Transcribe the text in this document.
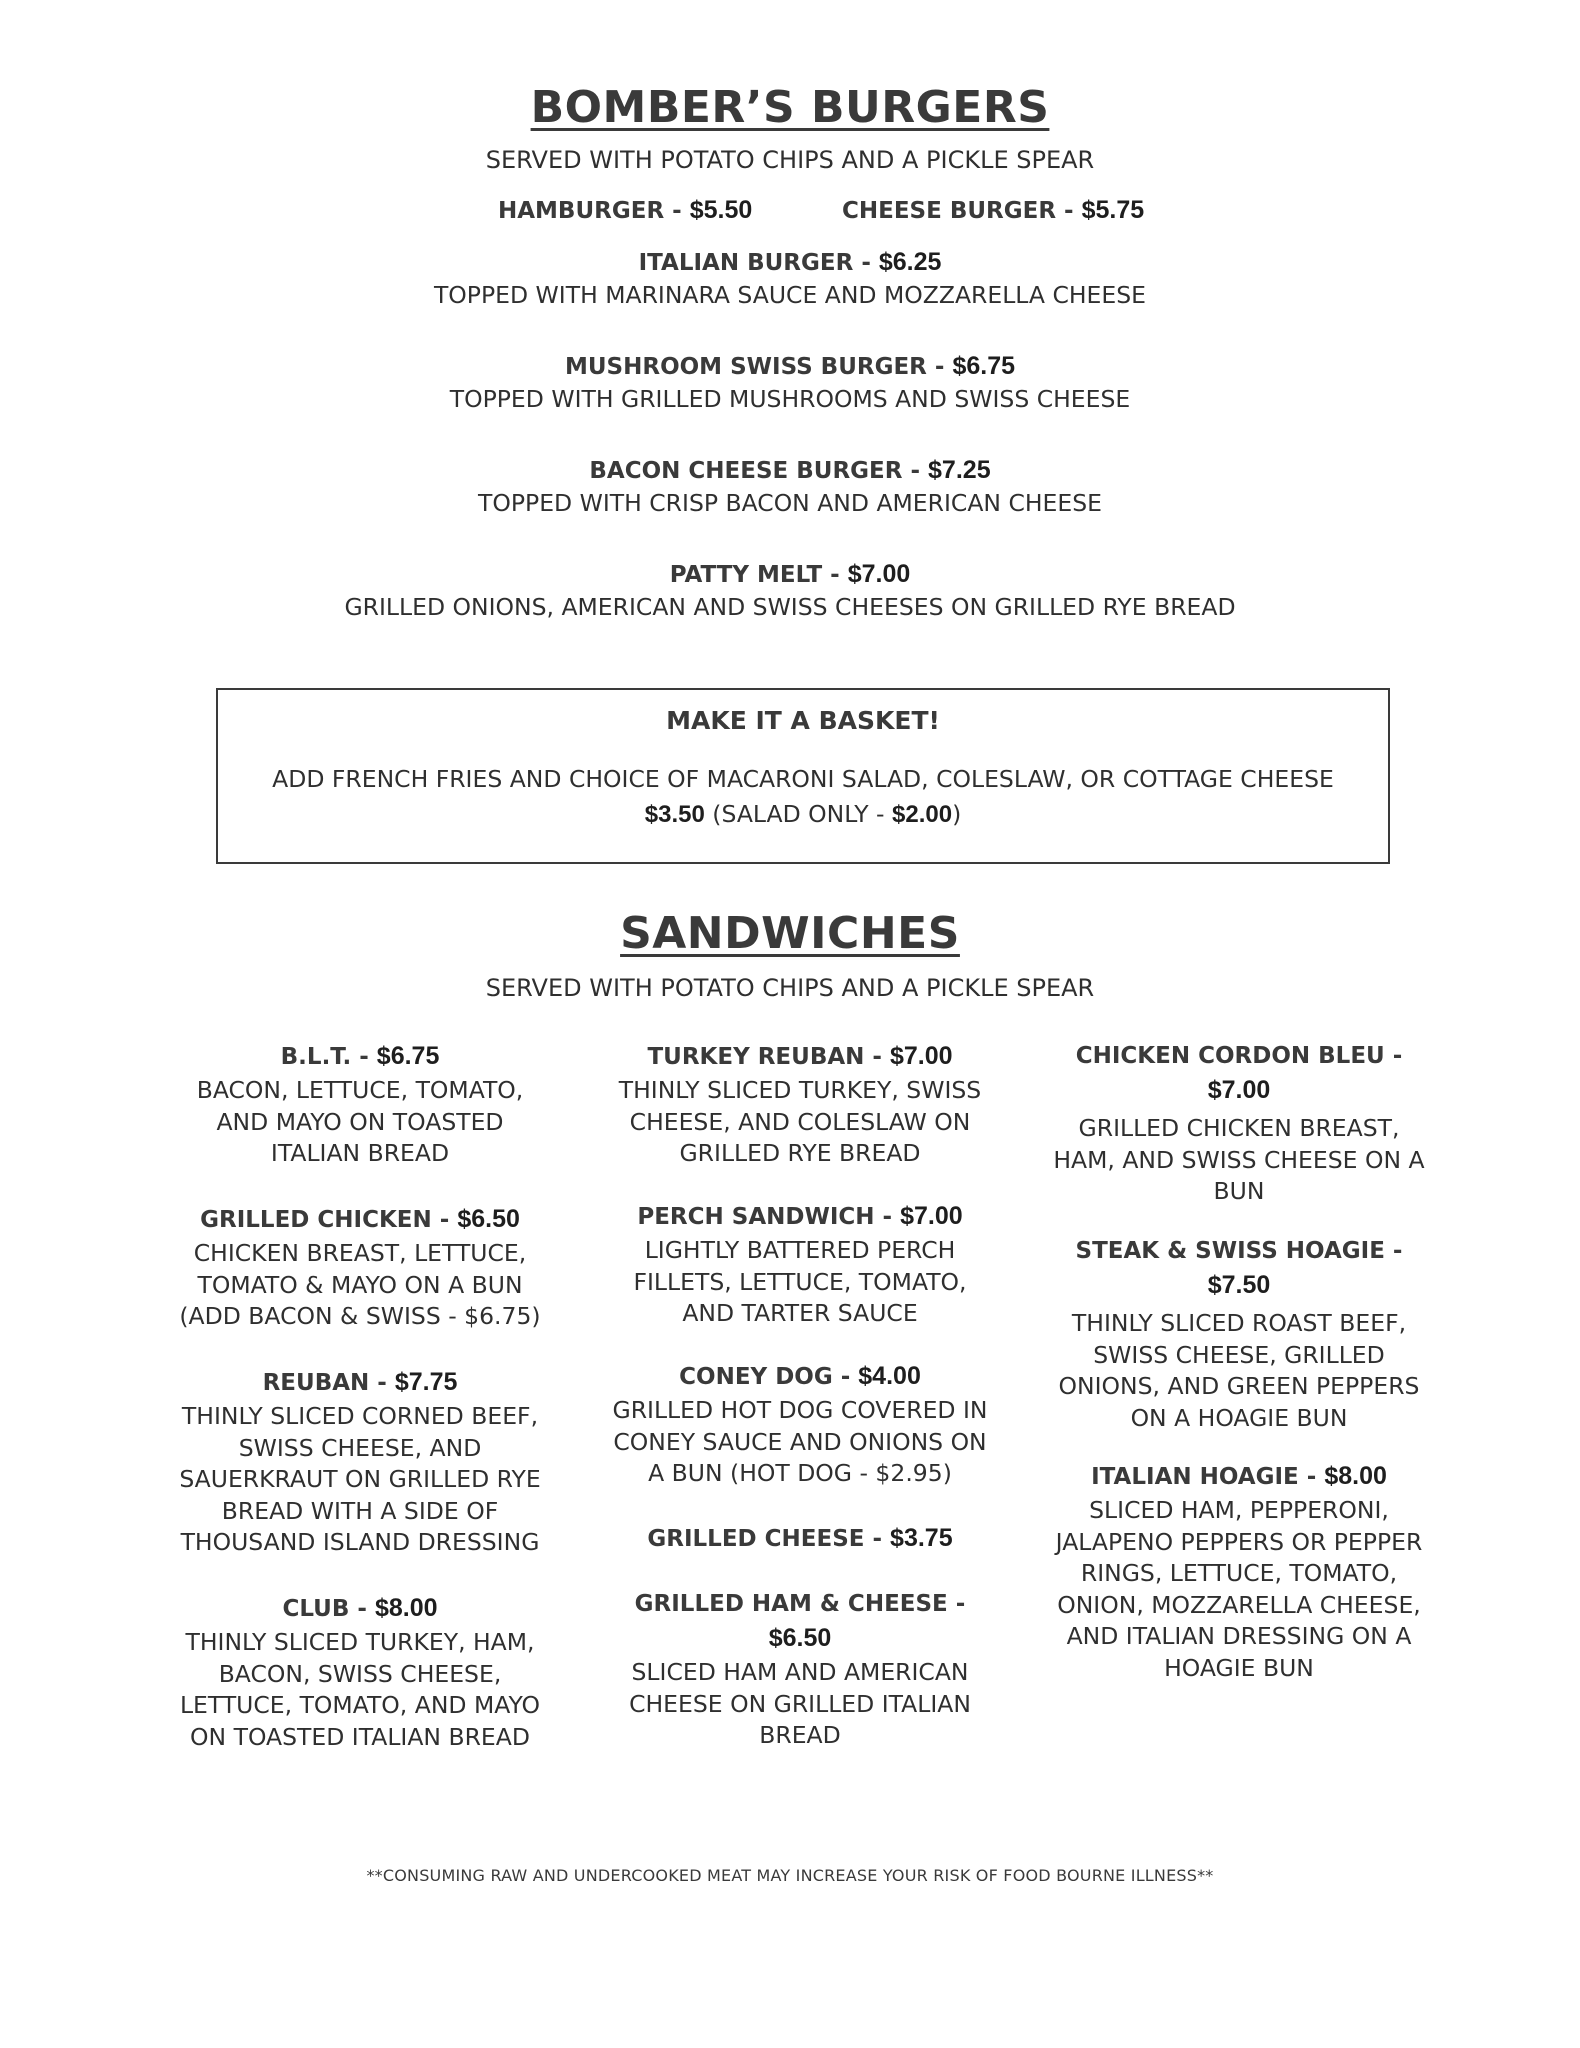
BOMBER’S BURGERS
SERVED WITH POTATO CHIPS AND A PICKLE SPEAR
HAMBURGER - $5.50	CHEESE BURGER - $5.75
ITALIAN BURGER - $6.25
TOPPED WITH MARINARA SAUCE AND MOZZARELLA CHEESE
MUSHROOM SWISS BURGER - $6.75
TOPPED WITH GRILLED MUSHROOMS AND SWISS CHEESE
BACON CHEESE BURGER - $7.25
TOPPED WITH CRISP BACON AND AMERICAN CHEESE
PATTY MELT - $7.00
GRILLED ONIONS, AMERICAN AND SWISS CHEESES ON GRILLED RYE BREAD
MAKE IT A BASKET!
ADD FRENCH FRIES AND CHOICE OF MACARONI SALAD, COLESLAW, OR COTTAGE CHEESE
$3.50 (SALAD ONLY - $2.00)
SANDWICHES
SERVED WITH POTATO CHIPS AND A PICKLE SPEAR
B.L.T. - $6.75
BACON, LETTUCE, TOMATO,
AND MAYO ON TOASTED
ITALIAN BREAD
GRILLED CHICKEN - $6.50
CHICKEN BREAST, LETTUCE,
TOMATO & MAYO ON A BUN
(ADD BACON & SWISS - $6.75)
REUBAN - $7.75
THINLY SLICED CORNED BEEF,
SWISS CHEESE, AND
SAUERKRAUT ON GRILLED RYE
BREAD WITH A SIDE OF
THOUSAND ISLAND DRESSING
CLUB - $8.00
THINLY SLICED TURKEY, HAM,
BACON, SWISS CHEESE,
LETTUCE, TOMATO, AND MAYO
ON TOASTED ITALIAN BREAD
TURKEY REUBAN - $7.00
THINLY SLICED TURKEY, SWISS
CHEESE, AND COLESLAW ON
GRILLED RYE BREAD
PERCH SANDWICH - $7.00
LIGHTLY BATTERED PERCH
FILLETS, LETTUCE, TOMATO,
AND TARTER SAUCE
CONEY DOG - $4.00
GRILLED HOT DOG COVERED IN
CONEY SAUCE AND ONIONS ON
A BUN (HOT DOG - $2.95)
GRILLED CHEESE - $3.75
GRILLED HAM & CHEESE -
$6.50
SLICED HAM AND AMERICAN
CHEESE ON GRILLED ITALIAN
BREAD
CHICKEN CORDON BLEU -
$7.00
GRILLED CHICKEN BREAST,
HAM, AND SWISS CHEESE ON A
BUN
STEAK & SWISS HOAGIE -
$7.50
THINLY SLICED ROAST BEEF,
SWISS CHEESE, GRILLED
ONIONS, AND GREEN PEPPERS
ON A HOAGIE BUN
ITALIAN HOAGIE - $8.00
SLICED HAM, PEPPERONI,
JALAPENO PEPPERS OR PEPPER
RINGS, LETTUCE, TOMATO,
ONION, MOZZARELLA CHEESE,
AND ITALIAN DRESSING ON A
HOAGIE BUN
**CONSUMING RAW AND UNDERCOOKED MEAT MAY INCREASE YOUR RISK OF FOOD BOURNE ILLNESS**
